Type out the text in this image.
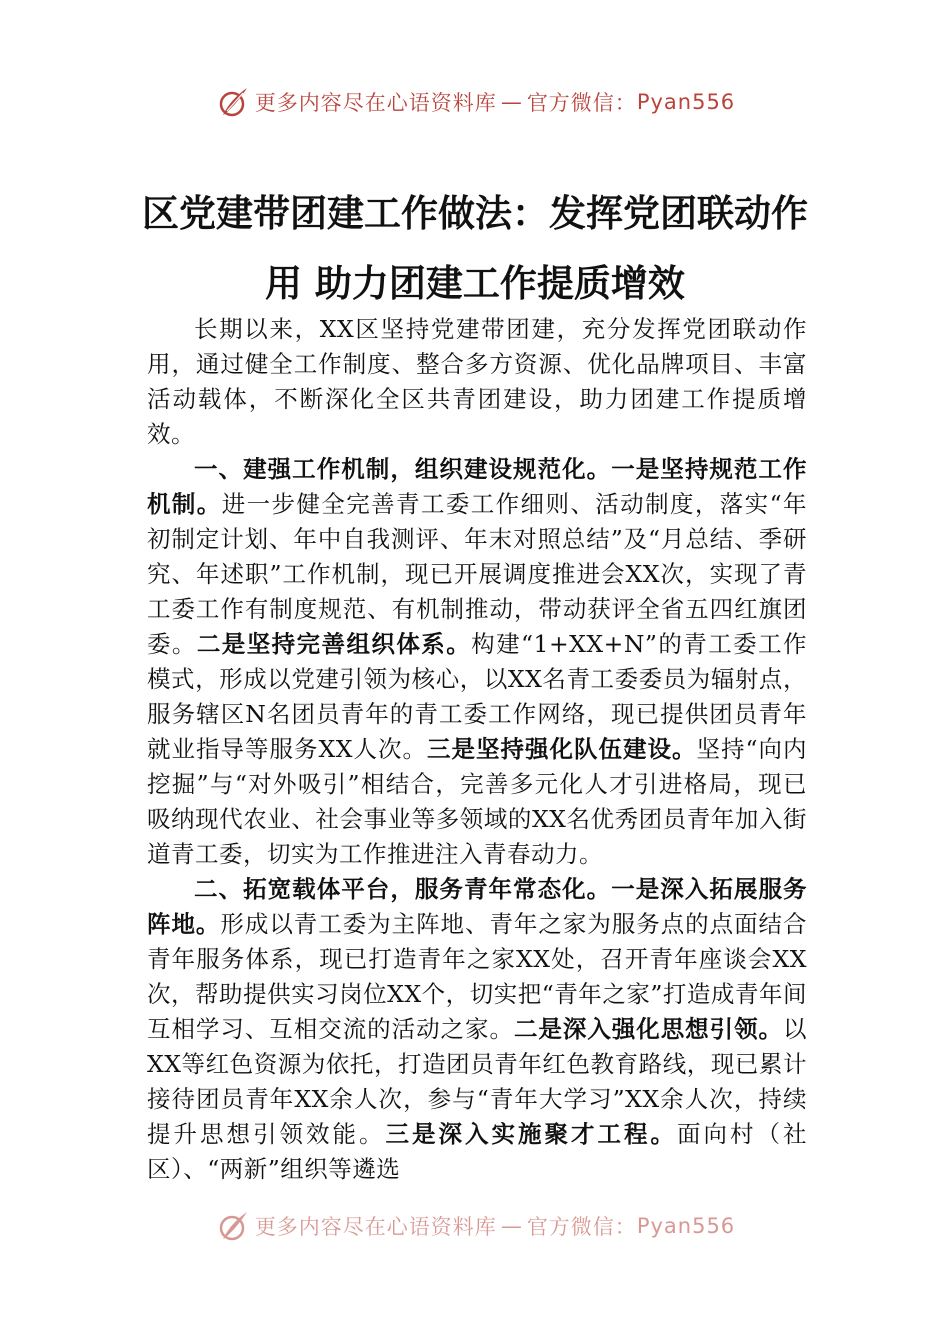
更多内容尽在心语资料库 — 官方微信： Pyan556
区党建带团建工作做法：发挥党团联动作
用 助力团建工作提质增效

长期以来，XX区坚持党建带团建，充分发挥党团联动作用，通过健全工作制度、整合多方资源、优化品牌项目、丰富活动载体，不断深化全区共青团建设，助力团建工作提质增效。

一、建强工作机制，组织建设规范化。一是坚持规范工作机制。进一步健全完善青工委工作细则、活动制度，落实“年初制定计划、年中自我测评、年末对照总结”及“月总结、季研究、年述职”工作机制，现已开展调度推进会XX次，实现了青工委工作有制度规范、有机制推动，带动获评全省五四红旗团委。二是坚持完善组织体系。构建“1+XX+N”的青工委工作模式，形成以党建引领为核心，以XX名青工委委员为辐射点，服务辖区N名团员青年的青工委工作网络，现已提供团员青年就业指导等服务XX人次。三是坚持强化队伍建设。坚持“向内挖掘”与“对外吸引”相结合，完善多元化人才引进格局，现已吸纳现代农业、社会事业等多领域的XX名优秀团员青年加入街道青工委，切实为工作推进注入青春动力。

二、拓宽载体平台，服务青年常态化。一是深入拓展服务阵地。形成以青工委为主阵地、青年之家为服务点的点面结合青年服务体系，现已打造青年之家XX处，召开青年座谈会XX次，帮助提供实习岗位XX个，切实把“青年之家”打造成青年间互相学习、互相交流的活动之家。二是深入强化思想引领。以XX等红色资源为依托，打造团员青年红色教育路线，现已累计接待团员青年XX余人次，参与“青年大学习”XX余人次，持续提升思想引领效能。三是深入实施聚才工程。面向村（社区）、“两新”组织等遴选

更多内容尽在心语资料库 — 官方微信： Pyan556
